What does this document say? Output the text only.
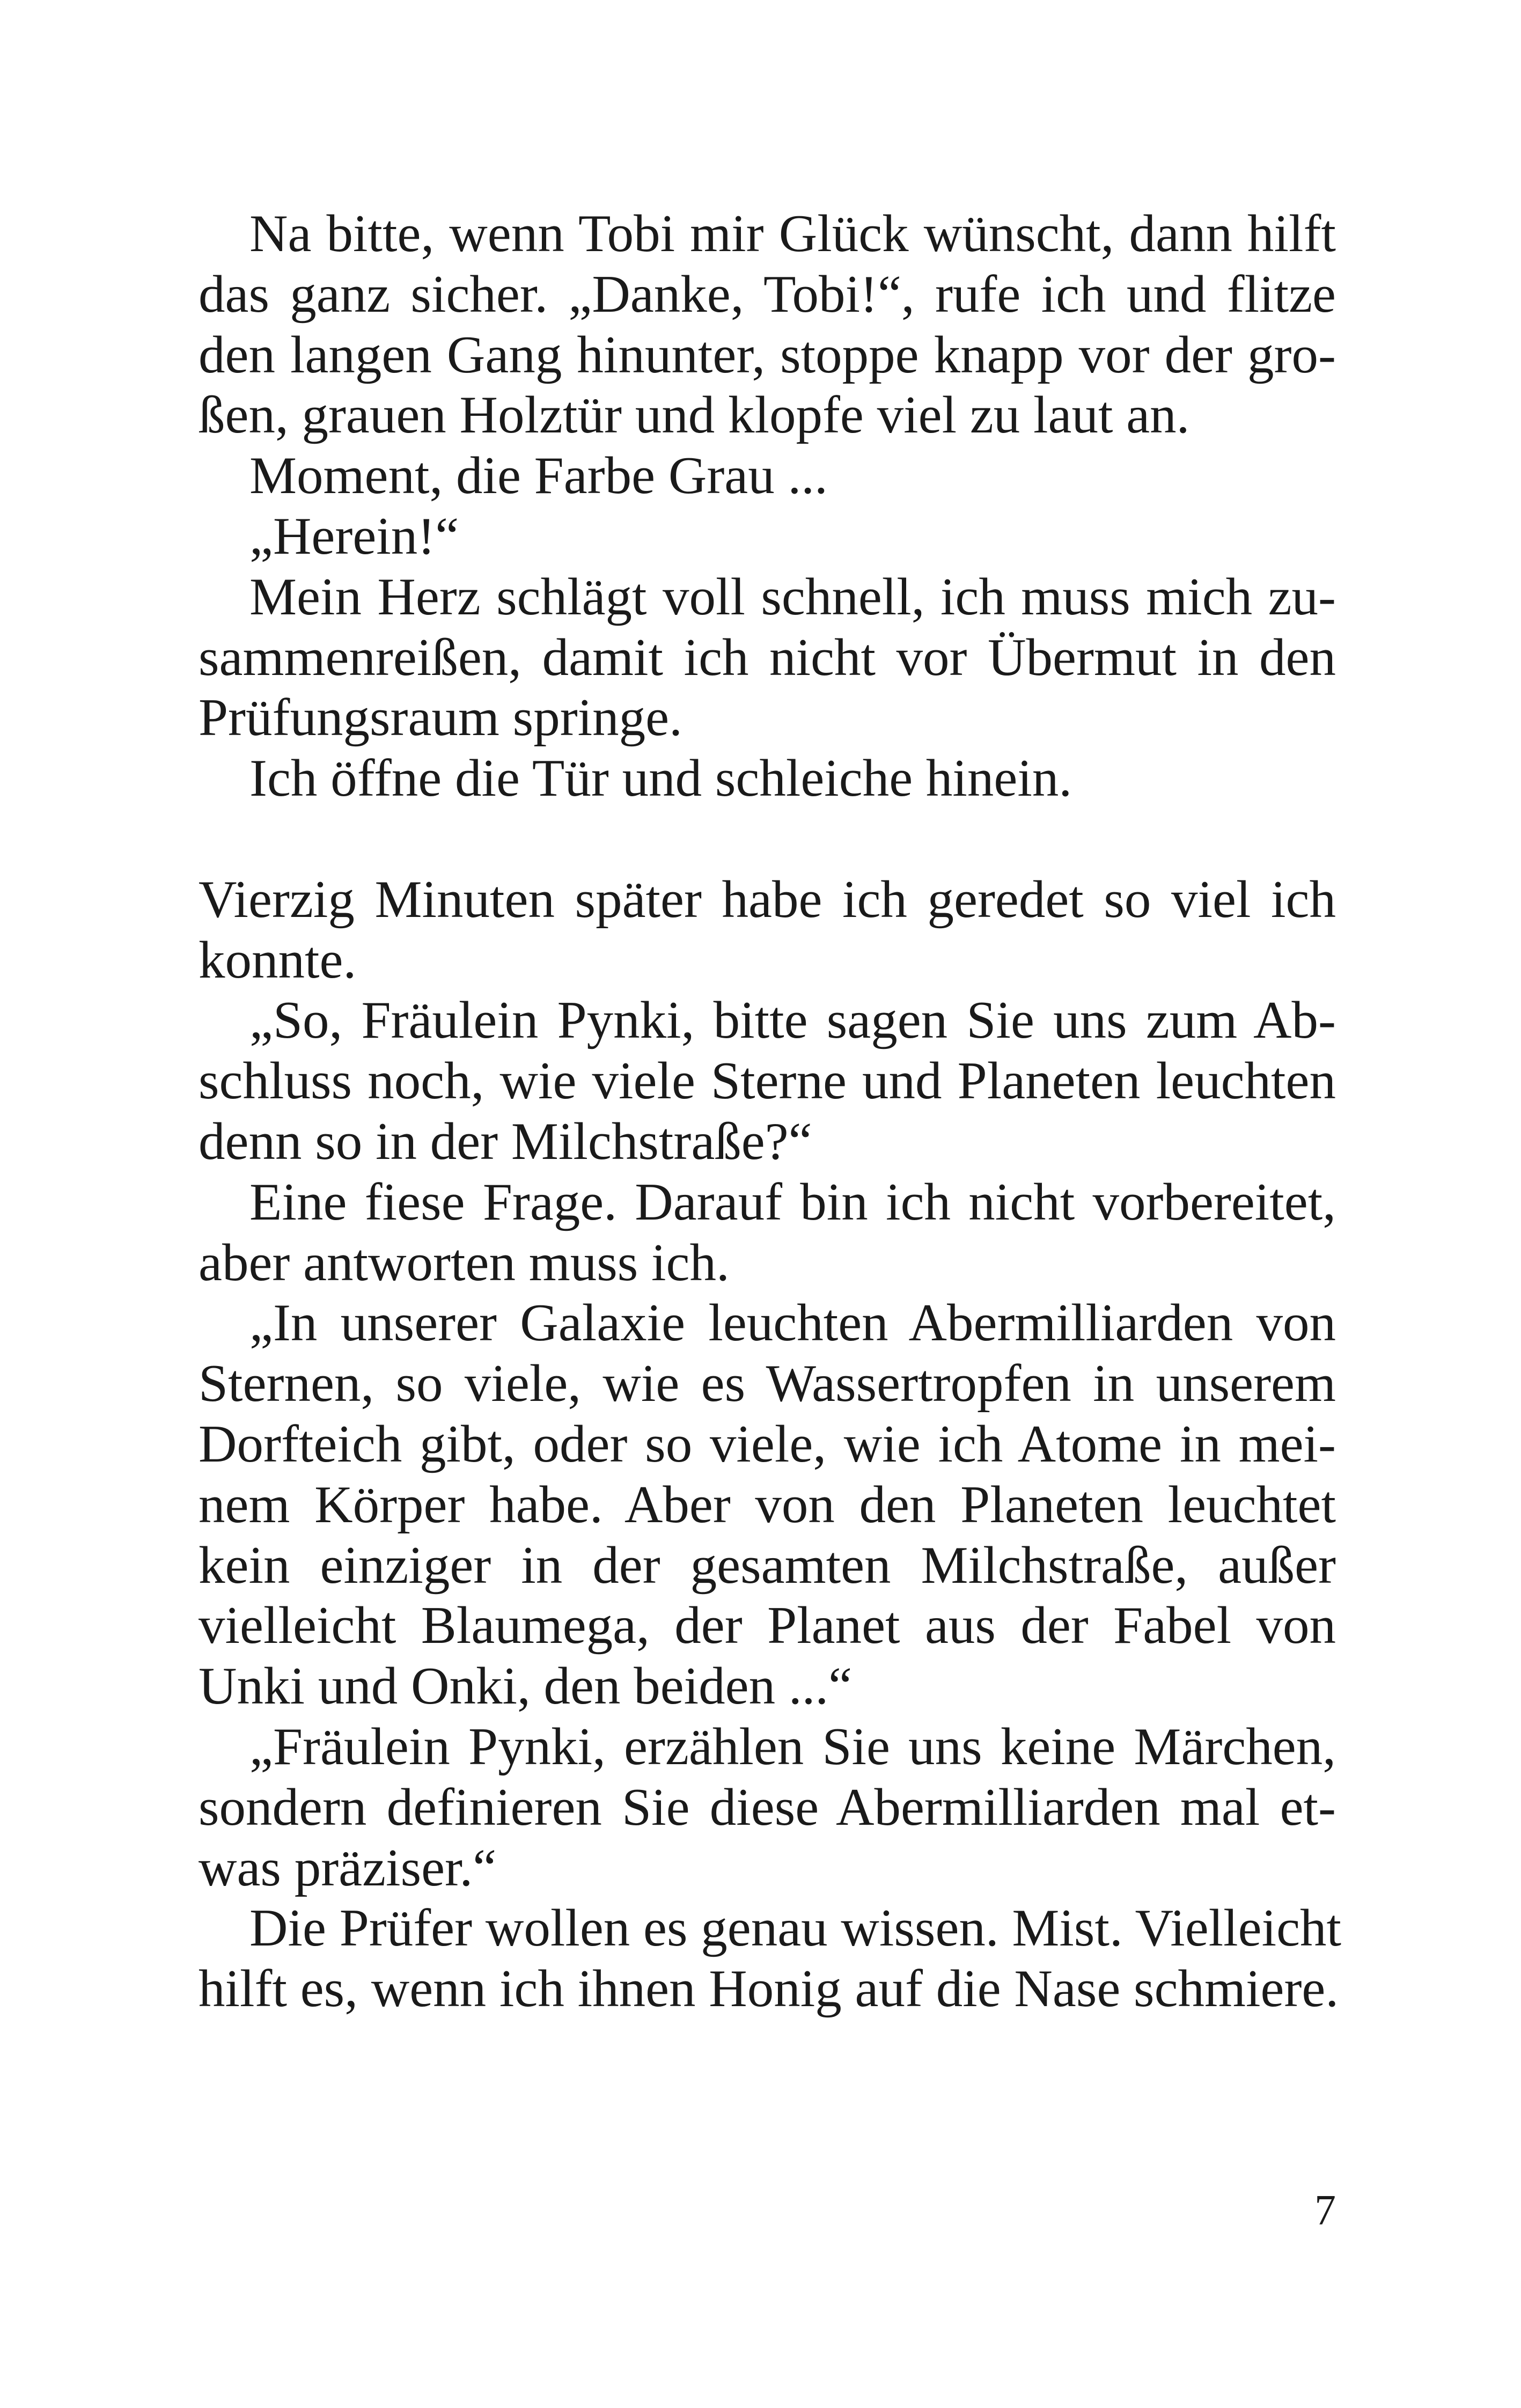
Na bitte, wenn Tobi mir Glück wünscht, dann hilft
das ganz sicher. „Danke, Tobi!“, rufe ich und flitze
den langen Gang hinunter, stoppe knapp vor der gro-
ßen, grauen Holztür und klopfe viel zu laut an.
Moment, die Farbe Grau ...
„Herein!“
Mein Herz schlägt voll schnell, ich muss mich zu-
sammenreißen, damit ich nicht vor Übermut in den
Prüfungsraum springe.
Ich öffne die Tür und schleiche hinein.
Vierzig Minuten später habe ich geredet so viel ich
konnte.
„So, Fräulein Pynki, bitte sagen Sie uns zum Ab-
schluss noch, wie viele Sterne und Planeten leuchten
denn so in der Milchstraße?“
Eine fiese Frage. Darauf bin ich nicht vorbereitet,
aber antworten muss ich.
„In unserer Galaxie leuchten Abermilliarden von
Sternen, so viele, wie es Wassertropfen in unserem
Dorfteich gibt, oder so viele, wie ich Atome in mei-
nem Körper habe. Aber von den Planeten leuchtet
kein einziger in der gesamten Milchstraße, außer
vielleicht Blaumega, der Planet aus der Fabel von
Unki und Onki, den beiden ...“
„Fräulein Pynki, erzählen Sie uns keine Märchen,
sondern definieren Sie diese Abermilliarden mal et-
was präziser.“
Die Prüfer wollen es genau wissen. Mist. Vielleicht
hilft es, wenn ich ihnen Honig auf die Nase schmiere.
7
